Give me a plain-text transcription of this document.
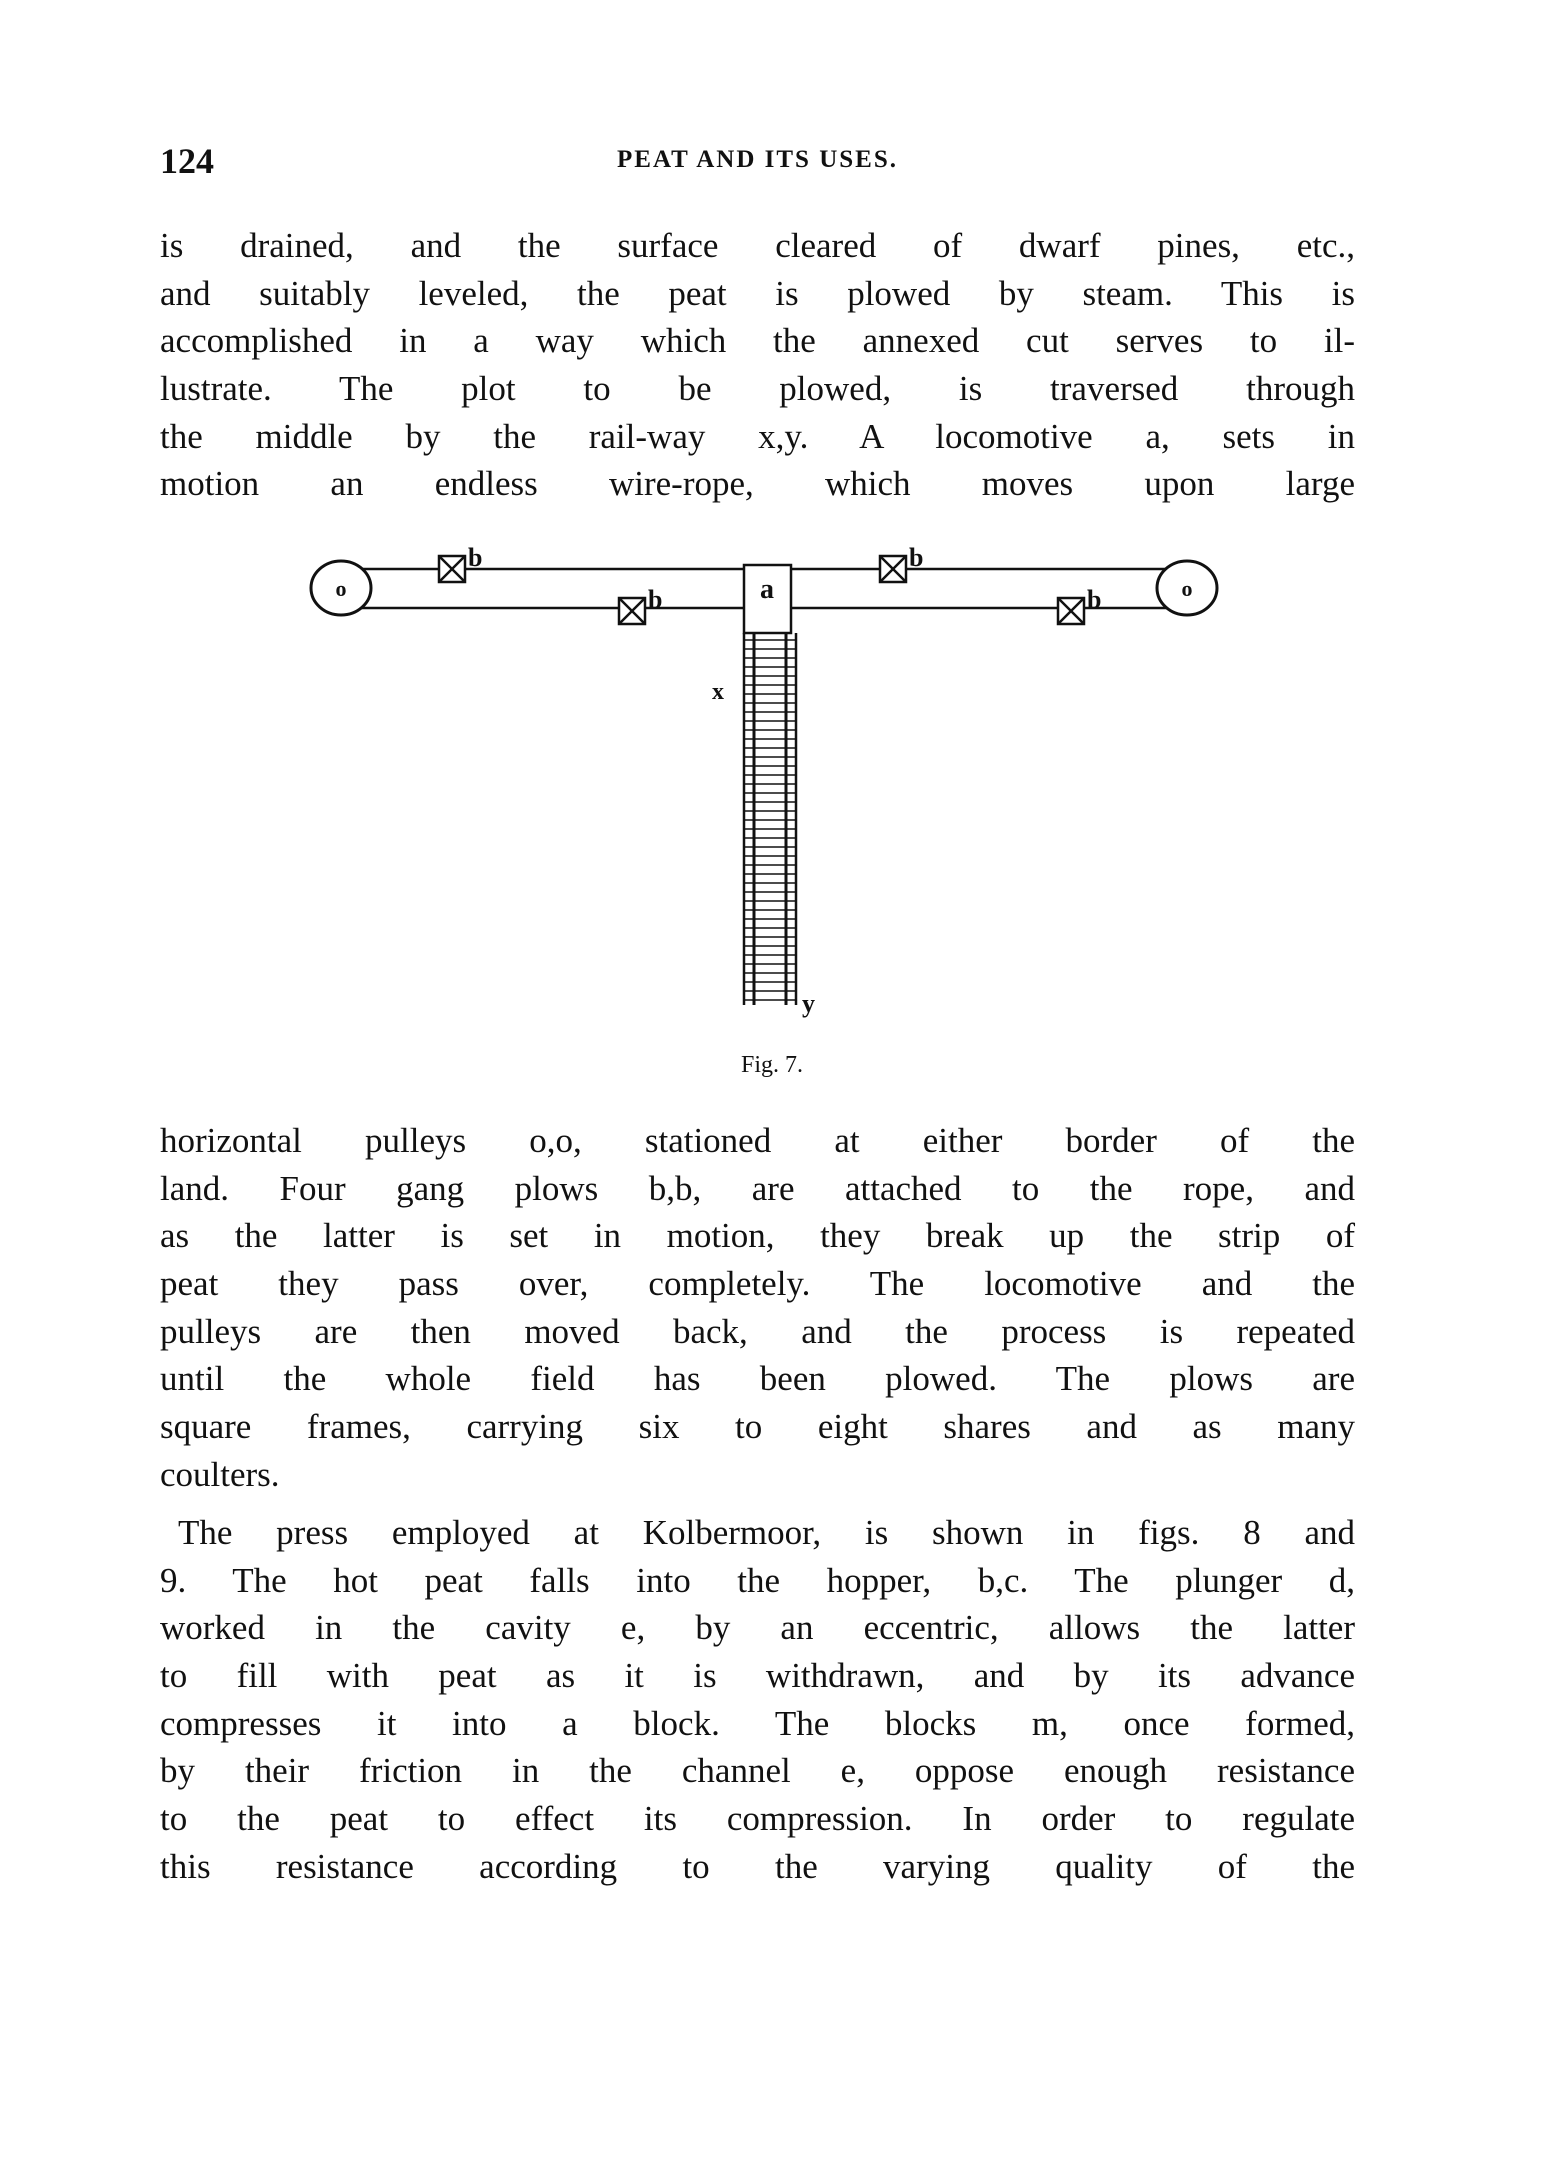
124	PEAT AND ITS USES.
is drained, and the surface cleared of dwarf pines, etc.,
and suitably leveled, the peat is plowed by steam. This is
accomplished in a way which the annexed cut serves to il-
lustrate. The plot to be plowed, is traversed through
the middle by the rail-way x,y. A locomotive a, sets in
motion an endless wire-rope, which moves upon large
o	o
a
b
b
b
b
x
y
Fig. 7.
horizontal pulleys o,o, stationed at either border of the
land. Four gang plows b,b, are attached to the rope, and
as the latter is set in motion, they break up the strip of
peat they pass over, completely. The locomotive and the
pulleys are then moved back, and the process is repeated
until the whole field has been plowed. The plows are
square frames, carrying six to eight shares and as many
coulters.
The press employed at Kolbermoor, is shown in figs. 8 and
9. The hot peat falls into the hopper, b,c. The plunger d,
worked in the cavity e, by an eccentric, allows the latter
to fill with peat as it is withdrawn, and by its advance
compresses it into a block. The blocks m, once formed,
by their friction in the channel e, oppose enough resistance
to the peat to effect its compression. In order to regulate
this resistance according to the varying quality of the
